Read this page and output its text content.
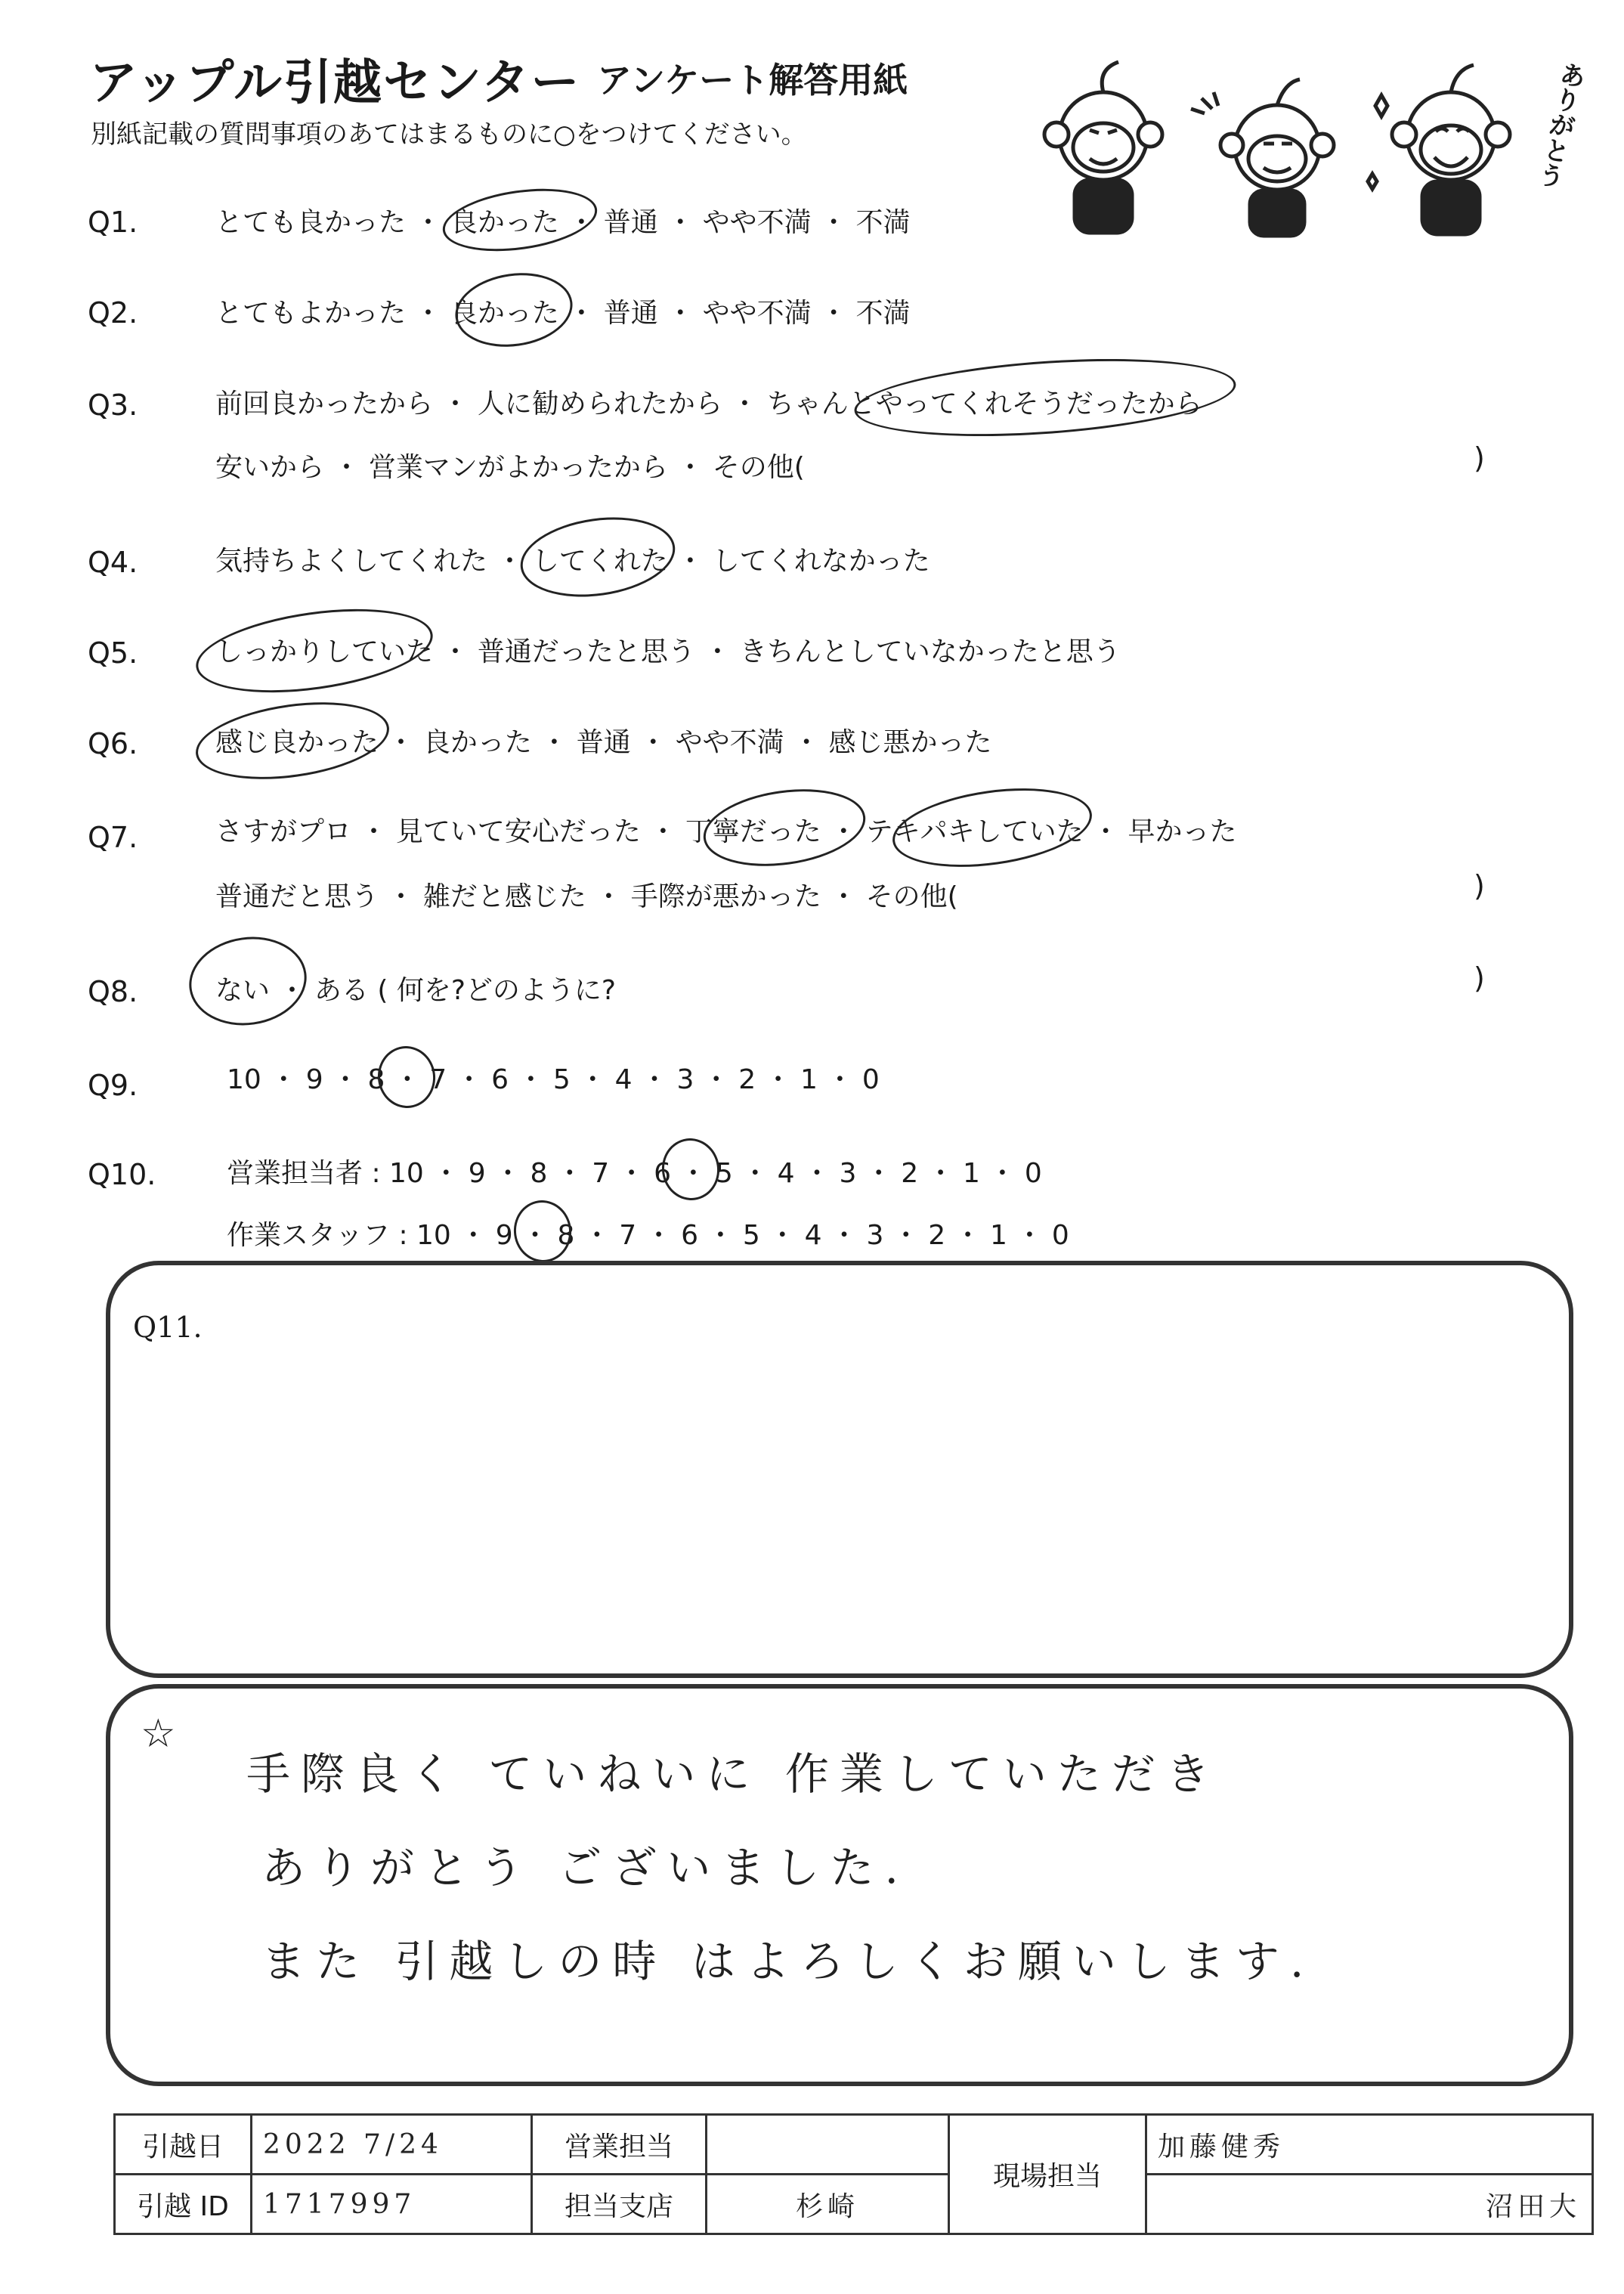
アップル引越センター アンケート解答用紙
別紙記載の質問事項のあてはまるものに○をつけてください。	ありがとう
Q1.	とても良かった ・ 良かった ・ 普通 ・ やや不満 ・ 不満
Q2.	とてもよかった ・ 良かった ・ 普通 ・ やや不満 ・ 不満
Q3.	前回良かったから ・ 人に勧められたから ・ ちゃんとやってくれそうだったから
安いから ・ 営業マンがよかったから ・ その他(	)
Q4.	気持ちよくしてくれた ・ してくれた ・ してくれなかった
Q5.	しっかりしていた ・ 普通だったと思う ・ きちんとしていなかったと思う
Q6.	感じ良かった ・ 良かった ・ 普通 ・ やや不満 ・ 感じ悪かった
Q7.	さすがプロ ・ 見ていて安心だった ・ 丁寧だった ・ テキパキしていた ・ 早かった
普通だと思う ・ 雑だと感じた ・ 手際が悪かった ・ その他(	)
Q8.	ない ・ ある ( 何を?どのように?	)
Q9.	10 ・ 9 ・ 8 ・ 7 ・ 6 ・ 5 ・ 4 ・ 3 ・ 2 ・ 1 ・ 0
Q10.	営業担当者 : 10 ・ 9 ・ 8 ・ 7 ・ 6 ・ 5 ・ 4 ・ 3 ・ 2 ・ 1 ・ 0
作業スタッフ : 10 ・ 9 ・ 8 ・ 7 ・ 6 ・ 5 ・ 4 ・ 3 ・ 2 ・ 1 ・ 0
Q11.
☆
手際良く ていねいに 作業していただき
ありがとう ございました.
また 引越しの時 はよろしくお願いします.
引越日	2022 7/24	営業担当		現場担当	加藤健秀
引越 ID	1717997	担当支店	杉崎		沼田大
